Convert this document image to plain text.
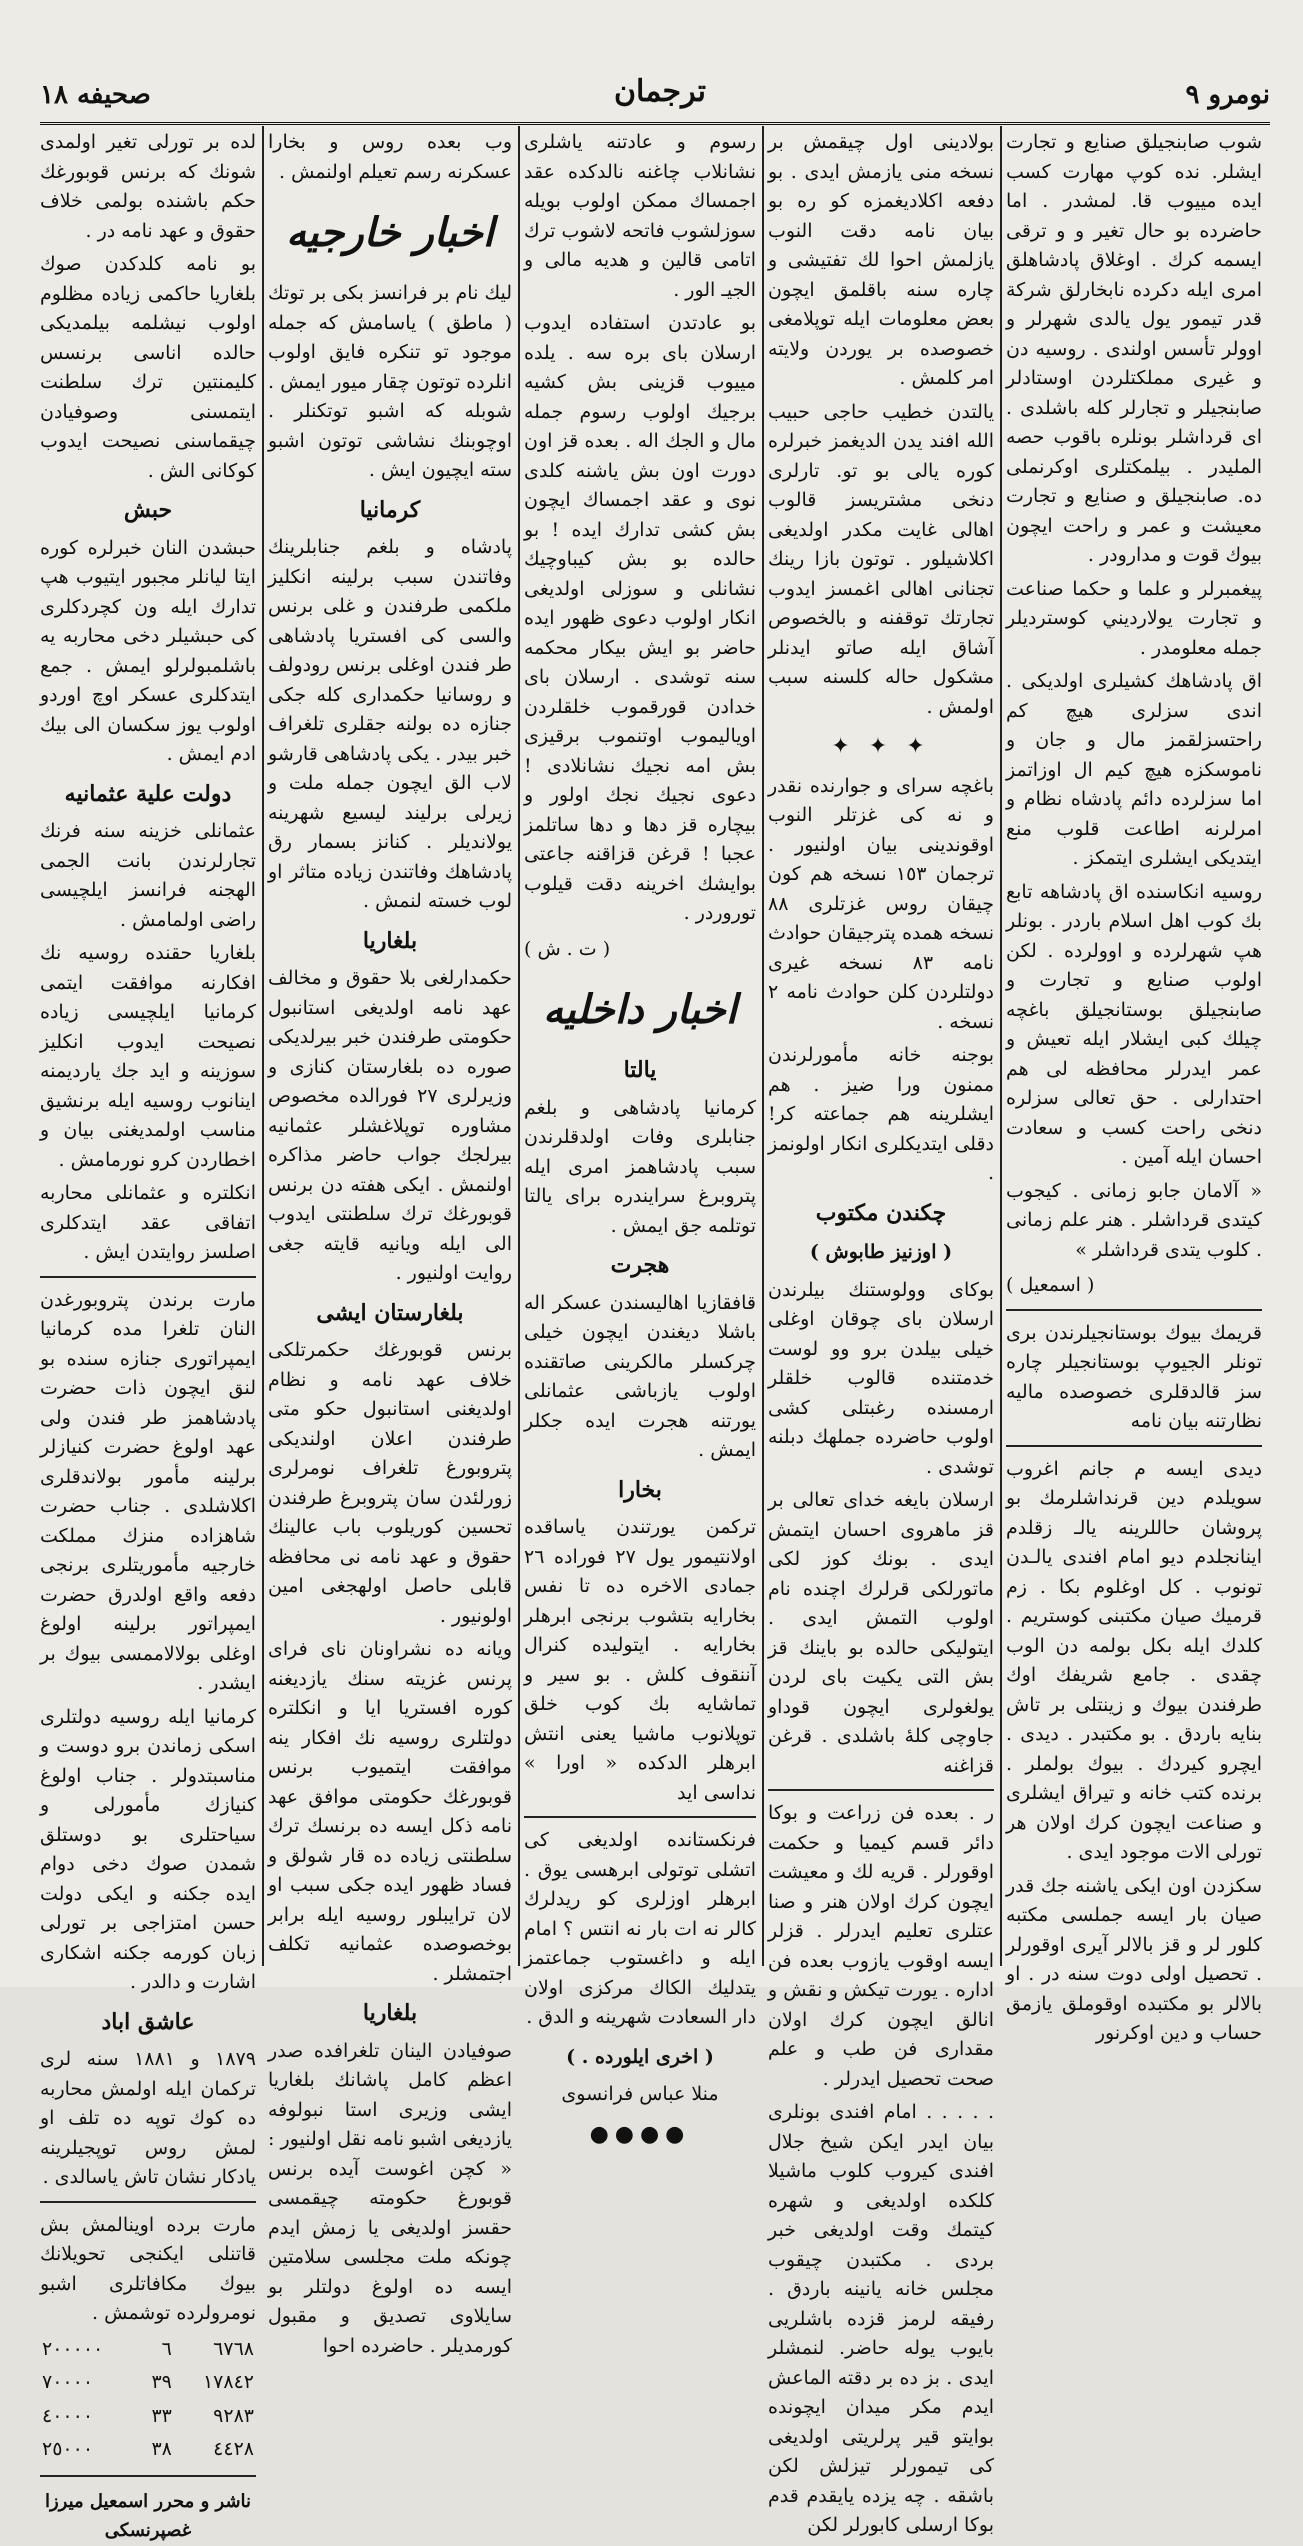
صحيفه ١٨	ترجمان	نومرو ٩

شوب صابنجيلق صنايع و تجارت ايشلر. نده كوپ مهارت كسب ايده مييوب قا. لمشدر . اما حاضرده بو حال تغير و و ترقى ايسمه كرك . اوغلاق پادشاهلق امرى ايله دكرده نابخارلق شركة قدر تيمور يول يالدى شهرلر و اوولر تأسس اولندى . روسيه دن و غيرى مملكتلردن اوستادلر صابنجيلر و تجارلر كله باشلدى . اى قرداشلر بونلره باقوب حصه المليدر . بيلمكتلرى اوكرنملى ده. صابنجيلق و صنايع و تجارت معيشت و عمر و راحت ايچون بيوك قوت و مدارودر .

پيغمبرلر و علما و حكما صناعت و تجارت يولارديني كوسترديلر جمله معلومدر .

اق پادشاهك كشيلرى اولديكى . اندى سزلرى هيچ كم راحتسزلقمز مال و جان و ناموسكزه هيچ كيم ال اوزاتمز اما سزلرده دائم پادشاه نظام و امرلرنه اطاعت قلوب منع ايتديكى ايشلرى ايتمكز .

روسيه انكاسنده اق پادشاهه تابع بك كوب اهل اسلام باردر . بونلر هپ شهرلرده و اوولرده . لكن اولوب صنايع و تجارت و صابنجيلق بوستانجيلق باغچه چيلك كبى ايشلار ايله تعيش و عمر ايدرلر محافظه لى هم احتدارلى . حق تعالى سزلره دنخى راحت كسب و سعادت احسان ايله آمين .

« آلامان جابو زمانى . كيجوب كيتدى قرداشلر . هنر علم زمانى . كلوب يتدى قرداشلر »

( اسمعيل )

قريمك بيوك بوستانجيلرندن برى تونلر الجيوپ بوستانجيلر چاره سز قالدقلرى خصوصده ماليه نظارتنه بيان نامه

ديدى ايسه م جانم اغروب سويلدم دين قرنداشلرمك بو پروشان حاللرينه يالـ زقلدم اينانجلدم ديو امام افندى يالـدن تونوب . كل اوغلوم بكا . زم قرميك صيان مكتبنى كوستريم . كلدك ايله بكل بولمه دن الوب چقدى . جامع شريفك اوك طرفندن بيوك و زينتلى بر تاش بنايه باردق . بو مكتبدر . ديدى . ايچرو كيردك . بيوك بولملر . برنده كتب خانه و تيراق ايشلرى و صناعت ايچون كرك اولان هر تورلى الات موجود ايدى .

سكزدن اون ايكى ياشنه جك قدر صيان بار ايسه جملسى مكتبه كلور لر و قز بالالر آيرى اوقورلر . تحصيل اولى دوت سنه در . او بالالر بو مكتبده اوقوملق يازمق حساب و دين اوكرنور

بولادينى اول چيقمش بر نسخه منى يازمش ايدى . بو دفعه اكلاديغمزه كو ره بو بيان نامه دقت النوب يازلمش احوا لك تفتيشى و چاره سنه باقلمق ايچون بعض معلومات ايله توپلامغى خصوصده بر يوردن ولايته امر كلمش .

يالتدن خطيب حاجى حبيب الله افند يدن الديغمز خبرلره كوره يالى بو تو. تارلرى دنخى مشتريسز قالوب اهالى غايت مكدر اولديغى اكلاشيلور . توتون بازا رينك تجنانى اهالى اغمسز ايدوب تجارتك توقفنه و بالخصوص آشاق ايله صاتو ايدنلر مشكول حاله كلسنه سبب اولمش .

✦ ✦ ✦

باغچه سراى و جوارنده نقدر و نه كى غزتلر النوب اوقوندينى بيان اولنيور . ترجمان ١٥٣ نسخه هم كون چيقان روس غزتلرى ٨٨ نسخه همده پترجيقان حوادث نامه ٨٣ نسخه غيرى دولتلردن كلن حوادث نامه ٢ نسخه .

بوجنه خانه مأمورلرندن ممنون ورا ضيز . هم ايشلرينه هم جماعته كر! دقلى ايتديكلرى انكار اولونمز .

چكندن مكتوب
( اوزنيز طابوش )

بوكاى وولوستنك بيلرندن ارسلان باى چوقان اوغلى خيلى بيلدن برو وو لوست خدمتنده قالوب خلقلر ارمسنده رغبتلى كشى اولوب حاضرده جملهك دبلنه توشدى .

ارسلان بايغه خداى تعالى بر قز ماهروى احسان ايتمش ايدى . بونك كوز لكى ماتورلكى قرلرك اچنده نام اولوب التمش ايدى . ايتوليكى حالده بو باينك قز بش التى يكيت باى لردن يولغولرى ايچون قوداو جاوچى كلهٔ باشلدى . قرغن قزاغنه

ر . بعده فن زراعت و بوكا دائر قسم كيميا و حكمت اوقورلر . قريه لك و معيشت ايچون كرك اولان هنر و صنا عتلرى تعليم ايدرلر . قزلر ايسه اوقوب يازوب بعده فن اداره . يورت تيكش و نقش و انالق ايچون كرك اولان مقدارى فن طب و علم صحت تحصيل ايدرلر .

. . . . . امام افندى بونلرى بيان ايدر ايكن شيخ جلال افندى كيروب كلوب ماشيلا كلكده اولديغى و شهره كيتمك وقت اولديغى خبر بردى . مكتبدن چيقوب مجلس خانه يانينه باردق . رفيقه لرمز قزده باشلريى بايوب يوله حاضر. لنمشلر ايدى . بز ده بر دقته الماعش ايدم مكر ميدان ايچونده بوايتو قير پرلريتى اولديغى كى تيمورلر تيزلش لكن باشقه . چه يزده يايقدم قدم بوكا ارسلى كابورلر لكن

رسوم و عادتنه ياشلرى نشانلاب چاغنه نالدكده عقد اجمساك ممكن اولوب بويله سوزلشوب فاتحه لاشوب ترك اتامى قالين و هديه مالى و الجيـ الور .

بو عادتدن استفاده ايدوب ارسلان باى بره سه . يلده مييوب قزينى بش كشيه برجيك اولوب رسوم جمله مال و الجك اله . بعده قز اون دورت اون بش ياشنه كلدى نوى و عقد اجمساك ايچون بش كشى تدارك ايده ! بو حالده بو بش كيباوچيك نشانلى و سوزلى اولديغى انكار اولوب دعوى ظهور ايده حاضر بو ايش بيكار محكمه سنه توشدى . ارسلان باى خدادن قورقموب خلقلردن اوياليموب اوتنموب برقيزى بش امه نجيك نشانلادى ! دعوى نجيك نجك اولور و بيچاره قز دها و دها ساتلمز عجبا ! قرغن قزاقنه جاعتى بوايشك اخرينه دقت قيلوب توروردر .

( ت . ش )
اخبار داخليه
يالتا

كرمانيا پادشاهى و بلغم جنابلرى وفات اولدقلرندن سبب پادشاهمز امرى ايله پتروبرغ سرايندره براى يالتا توتلمه جق ايمش .

هجرت

قافقازيا اهاليسندن عسكر اله باشلا ديغندن ايچون خيلى چركسلر مالكرينى صاتقنده اولوب يازباشى عثمانلى يورتنه هجرت ايده جكلر ايمش .

بخارا

تركمن يورتندن ياساقده اولانتيمور يول ٢٧ فوراده ٢٦ جمادى الاخره ده تا نفس بخارايه بتشوب برنجى ابرهلر بخارايه . ايتوليده كنرال آننقوف كلش . بو سير و تماشايه بك كوب خلق توپلانوب ماشيا يعنى انتش ابرهلر الدكده « اورا » نداسى ايد

فرنكستانده اولديغى كى اتشلى توتولى ابرهسى يوق . ابرهلر اوزلرى كو ريدلرك كالر نه ات بار نه انتس ؟ امام ايله و داغستوب جماعتمز يتدليك الكاك مركزى اولان دار السعادت شهرينه و الدق .

( اخرى ايلورده . )
منلا عباس فرانسوى
●●●●

وب بعده روس و بخارا عسكرنه رسم تعيلم اولنمش .

اخبار خارجيه

ليك نام بر فرانسز بكى بر توتك ( ماطق ) ياسامش كه جمله موجود تو تنكره فايق اولوب انلرده توتون چقار ميور ايمش . شوبله كه اشبو توتكنلر . اوچوبنك نشاشى توتون اشبو سته ايچيون ايش .

كرمانيا

پادشاه و بلغم جنابلرينك وفاتندن سبب برلينه انكليز ملكمى طرفندن و غلى برنس والسى كى افستريا پادشاهى طر فندن اوغلى برنس رودولف و روسانيا حكمدارى كله جكى جنازه ده بولنه جقلرى تلغراف خبر بيدر . يكى پادشاهى قارشو لاب الق ايچون جمله ملت و زيرلى برليند ليسيع شهرينه يولانديلر . كنانز بسمار رق پادشاهك وفاتندن زياده متاثر او لوب خسته لنمش .

بلغاريا

حكمدارلغى بلا حقوق و مخالف عهد نامه اولديغى استانبول حكومتى طرفندن خبر بيرلديكى صوره ده بلغارستان كنازى و وزيرلرى ٢٧ فورالده مخصوص مشاوره توپلاغشلر عثمانيه بيرلجك جواب حاضر مذاكره اولنمش . ايكى هفته دن برنس قوبورغك ترك سلطنتى ايدوب الى ايله ويانيه قايته جغى روايت اولنيور .

بلغارستان ايشى

برنس قوبورغك حكمرتلكى خلاف عهد نامه و نظام اولديغنى استانبول حكو متى طرفندن اعلان اولنديكى پتروبورغ تلغراف نومرلرى زورلئدن سان پتروبرغ طرفندن تحسين كوريلوب باب عالينك حقوق و عهد نامه نى محافظه قابلى حاصل اولهجغى امين اولونيور .

ويانه ده نشراونان ناى فراى پرنس غزيته سنك يازديغنه كوره افستريا ايا و انكلتره دولتلرى روسيه نك افكار ينه موافقت ايتميوب برنس قوبورغك حكومتى موافق عهد نامه ذكل ايسه ده برنسك ترك سلطنتى زياده ده قار شولق و فساد ظهور ايده جكى سبب او لان ترايبلور روسيه ايله برابر بوخصوصده عثمانيه تكلف اجتمشلر .

بلغاريا

صوفيادن الينان تلغرافده صدر اعظم كامل پاشانك بلغاريا ايشى وزيرى استا نبولوفه يازديغى اشبو نامه نقل اولنيور : « كچن اغوست آيده برنس قوبورغ حكومته چيقمسى حقسز اولديغى يا زمش ايدم چونكه ملت مجلسى سلامتين ايسه ده اولوغ دولتلر بو سايلاوى تصديق و مقبول كورمديلر . حاضرده احوا

لده بر تورلى تغير اولمدى شونك كه برنس قوبورغك حكم باشنده بولمى خلاف حقوق و عهد نامه در .

بو نامه كلدكدن صوك بلغاريا حاكمى زياده مظلوم اولوب نيشلمه بيلمديكى حالده اناسى برنسس كليمنتين ترك سلطنت ايتمسنى وصوفيادن چيقماسنى نصيحت ايدوب كوكانى الش .

حبش

حبشدن النان خبرلره كوره ايتا ليانلر مجبور ايتيوب هپ تدارك ايله ون كچردكلرى كى حبشيلر دخى محاربه يه باشلمبولرلو ايمش . جمع ايتدكلرى عسكر اوچ اوردو اولوب يوز سكسان الى بيك ادم ايمش .

دولت علية عثمانيه

عثمانلى خزينه سنه فرنك تجارلرندن بانت الجمى الهجنه فرانسز ايلچيسى راضى اولمامش .

بلغاريا حقنده روسيه نك افكارنه موافقت ايتمى كرمانيا ايلچيسى زياده نصيحت ايدوب انكليز سوزينه و ايد جك يارديمنه اينانوب روسيه ايله برنشيق مناسب اولمديغنى بيان و اخطاردن كرو نورمامش .

انكلتره و عثمانلى محاربه اتفاقى عقد ايتدكلرى اصلسز روايتدن ايش .

مارت برندن پتروبورغدن النان تلغرا مده كرمانيا ايمپراتورى جنازه سنده بو لنق ايچون ذات حضرت پادشاهمز طر فندن ولى عهد اولوغ حضرت كنيازلر برلينه مأمور بولاندقلرى اكلاشلدى . جناب حضرت شاهزاده منزك مملكت خارجيه مأموريتلرى برنجى دفعه واقع اولدرق حضرت ايمپراتور برلينه اولوغ اوغلى بولالاممسى بيوك بر ايشدر .

كرمانيا ايله روسيه دولتلرى اسكى زماندن برو دوست و مناسبتدولر . جناب اولوغ كنيازك مأمورلى و سياحتلرى بو دوستلق شمدن صوك دخى دوام ايده جكنه و ايكى دولت حسن امتزاجى بر تورلى زبان كورمه جكنه اشكارى اشارت و دالدر .

عاشق اباد

١٨٧٩ و ١٨٨١ سنه لرى تركمان ايله اولمش محاربه ده كوك توپه ده تلف او لمش روس توپجيلرينه يادكار نشان تاش ياسالدى .

مارت برده اوينالمش بش قاتنلى ايكنجى تحويلانك بيوك مكافاتلرى اشبو نومرولرده توشمش .

٦٧٦٨	٦	٢٠٠٠٠٠
١٧٨٤٢	٣٩	٧٠٠٠٠
٩٢٨٣	٣٣	٤٠٠٠٠
٤٤٢٨	٣٨	٢٥٠٠٠
ناشر و محرر اسمعيل ميرزا غصپرنسكى
